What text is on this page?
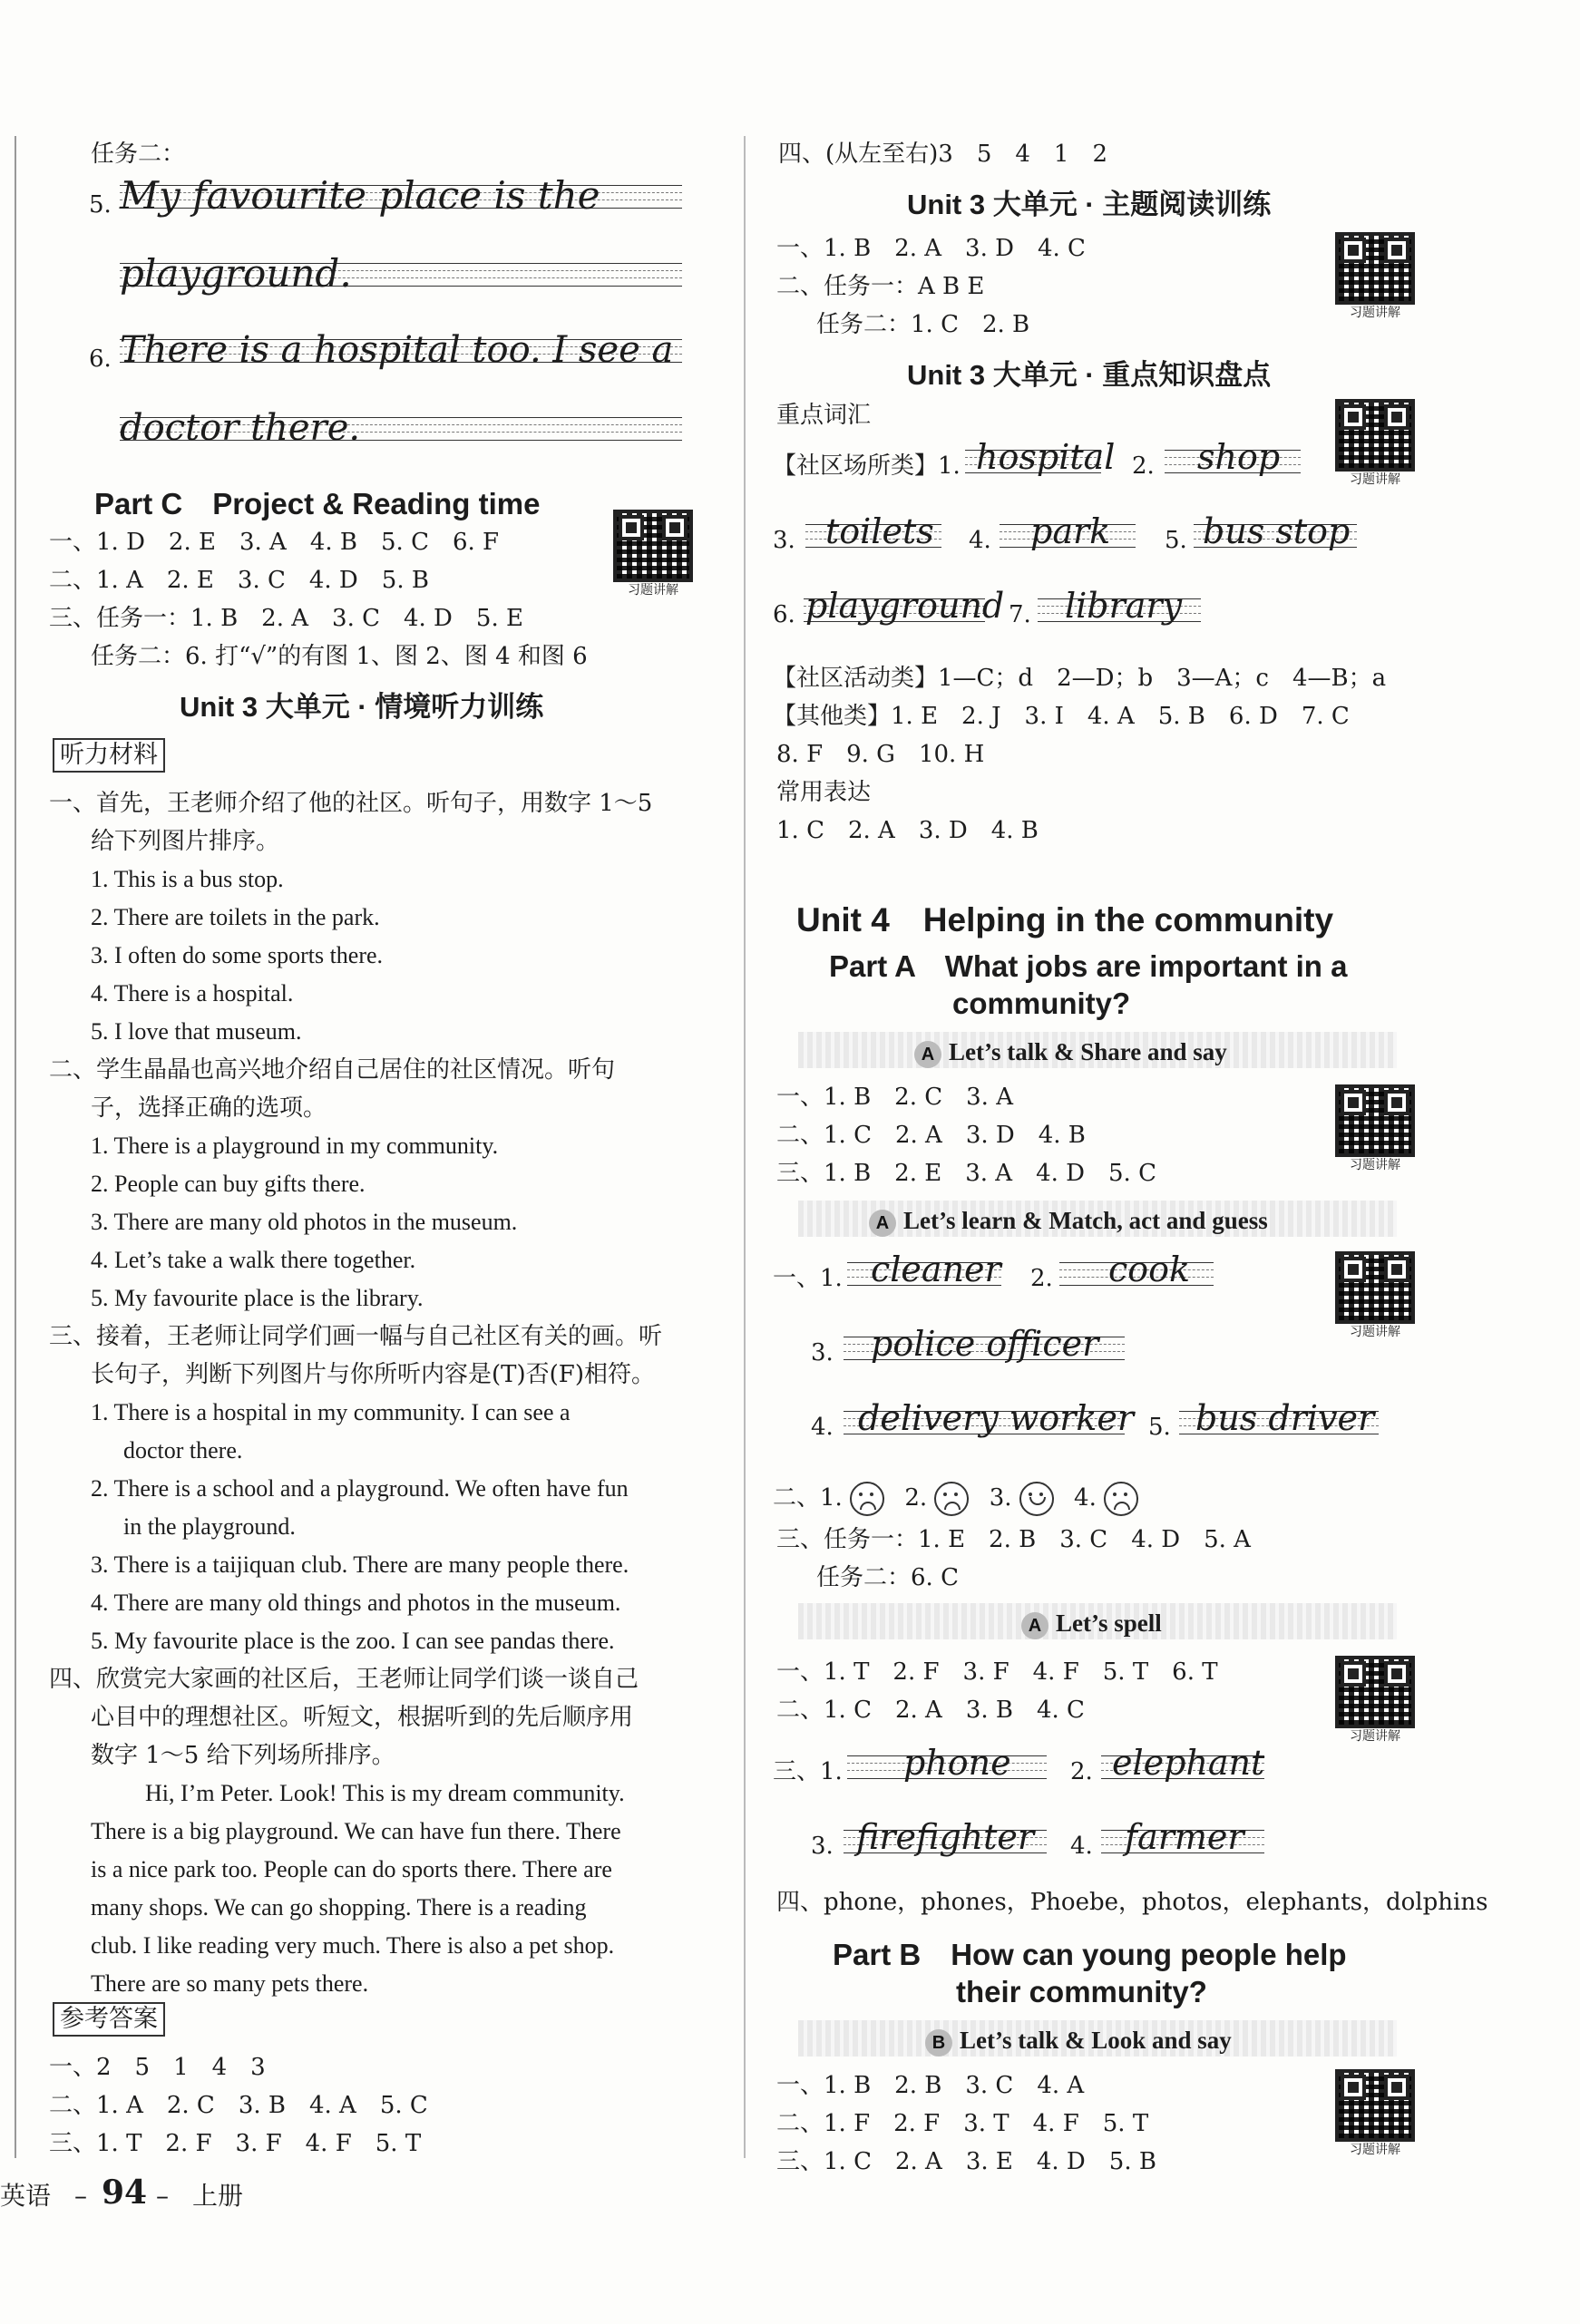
任务二：
5. My favourite place is the
playground.
6. There is a hospital too. I see a
doctor there.
Part C　Project & Reading time
习题讲解
一、1. D　2. E　3. A　4. B　5. C　6. F
二、1. A　2. E　3. C　4. D　5. B
三、任务一：1. B　2. A　3. C　4. D　5. E
任务二：6. 打“√”的有图 1、图 2、图 4 和图 6
Unit 3 大单元 · 情境听力训练
听力材料
一、首先，王老师介绍了他的社区。听句子，用数字 1～5
给下列图片排序。
1. This is a bus stop.
2. There are toilets in the park.
3. I often do some sports there.
4. There is a hospital.
5. I love that museum.
二、学生晶晶也高兴地介绍自己居住的社区情况。听句
子，选择正确的选项。
1. There is a playground in my community.
2. People can buy gifts there.
3. There are many old photos in the museum.
4. Let’s take a walk there together.
5. My favourite place is the library.
三、接着，王老师让同学们画一幅与自己社区有关的画。听
长句子，判断下列图片与你所听内容是(T)否(F)相符。
1. There is a hospital in my community. I can see a
doctor there.
2. There is a school and a playground. We often have fun
in the playground.
3. There is a taijiquan club. There are many people there.
4. There are many old things and photos in the museum.
5. My favourite place is the zoo. I can see pandas there.
四、欣赏完大家画的社区后，王老师让同学们谈一谈自己
心目中的理想社区。听短文，根据听到的先后顺序用
数字 1～5 给下列场所排序。
Hi, I’m Peter. Look! This is my dream community.
There is a big playground. We can have fun there. There
is a nice park too. People can do sports there. There are
many shops. We can go shopping. There is a reading
club. I like reading very much. There is also a pet shop.
There are so many pets there.
参考答案
一、2　5　1　4　3
二、1. A　2. C　3. B　4. A　5. C
三、1. T　2. F　3. F　4. F　5. T
英语 – 94 – 上册
四、(从左至右)3　5　4　1　2
Unit 3 大单元 · 主题阅读训练
习题讲解
一、1. B　2. A　3. D　4. C
二、任务一：A B E
任务二：1. C　2. B
Unit 3 大单元 · 重点知识盘点
重点词汇
习题讲解
【社区场所类】1. hospital 2. shop
3. toilets 4. park 5. bus stop
6. playground 7. library
【社区活动类】1—C；d　2—D；b　3—A；c　4—B；a
【其他类】1. E　2. J　3. I　4. A　5. B　6. D　7. C
8. F　9. G　10. H
常用表达
1. C　2. A　3. D　4. B
Unit 4　Helping in the community
Part A　What jobs are important in a
community?
A Let’s talk & Share and say
习题讲解
一、1. B　2. C　3. A
二、1. C　2. A　3. D　4. B
三、1. B　2. E　3. A　4. D　5. C
A Let’s learn & Match, act and guess
习题讲解
一、1. cleaner 2. cook
3. police officer
4. delivery worker 5. bus driver
二、1.	2.	3.	4.
三、任务一：1. E　2. B　3. C　4. D　5. A
任务二：6. C
A Let’s spell
习题讲解
一、1. T　2. F　3. F　4. F　5. T　6. T
二、1. C　2. A　3. B　4. C
三、1. phone	2. elephant
3. firefighter 4. farmer
四、phone，phones，Phoebe，photos，elephants，dolphins
Part B　How can young people help
their community?
B Let’s talk & Look and say
习题讲解
一、1. B　2. B　3. C　4. A
二、1. F　2. F　3. T　4. F　5. T
三、1. C　2. A　3. E　4. D　5. B
